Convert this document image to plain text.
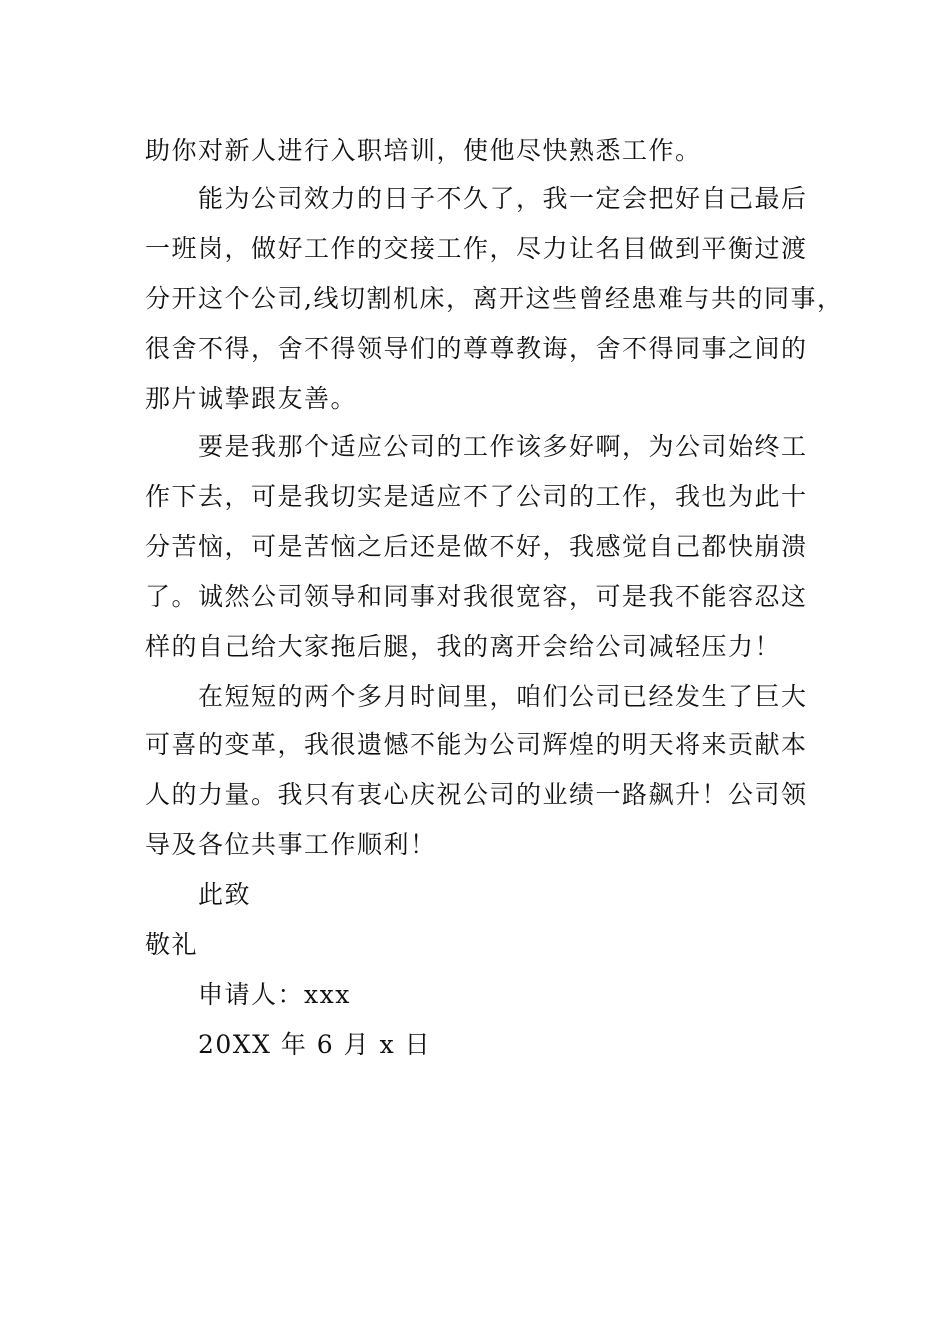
助你对新人进行入职培训，使他尽快熟悉工作。
能为公司效力的日子不久了，我一定会把好自己最后
一班岗，做好工作的交接工作，尽力让名目做到平衡过渡
分开这个公司,线切割机床，离开这些曾经患难与共的同事，
很舍不得，舍不得领导们的尊尊教诲，舍不得同事之间的
那片诚挚跟友善。
要是我那个适应公司的工作该多好啊，为公司始终工
作下去，可是我切实是适应不了公司的工作，我也为此十
分苦恼，可是苦恼之后还是做不好，我感觉自己都快崩溃
了。诚然公司领导和同事对我很宽容，可是我不能容忍这
样的自己给大家拖后腿，我的离开会给公司减轻压力！
在短短的两个多月时间里，咱们公司已经发生了巨大
可喜的变革，我很遗憾不能为公司辉煌的明天将来贡献本
人的力量。我只有衷心庆祝公司的业绩一路飙升！公司领
导及各位共事工作顺利！
此致
敬礼
申请人：xxx
20XX 年 6 月 x 日
